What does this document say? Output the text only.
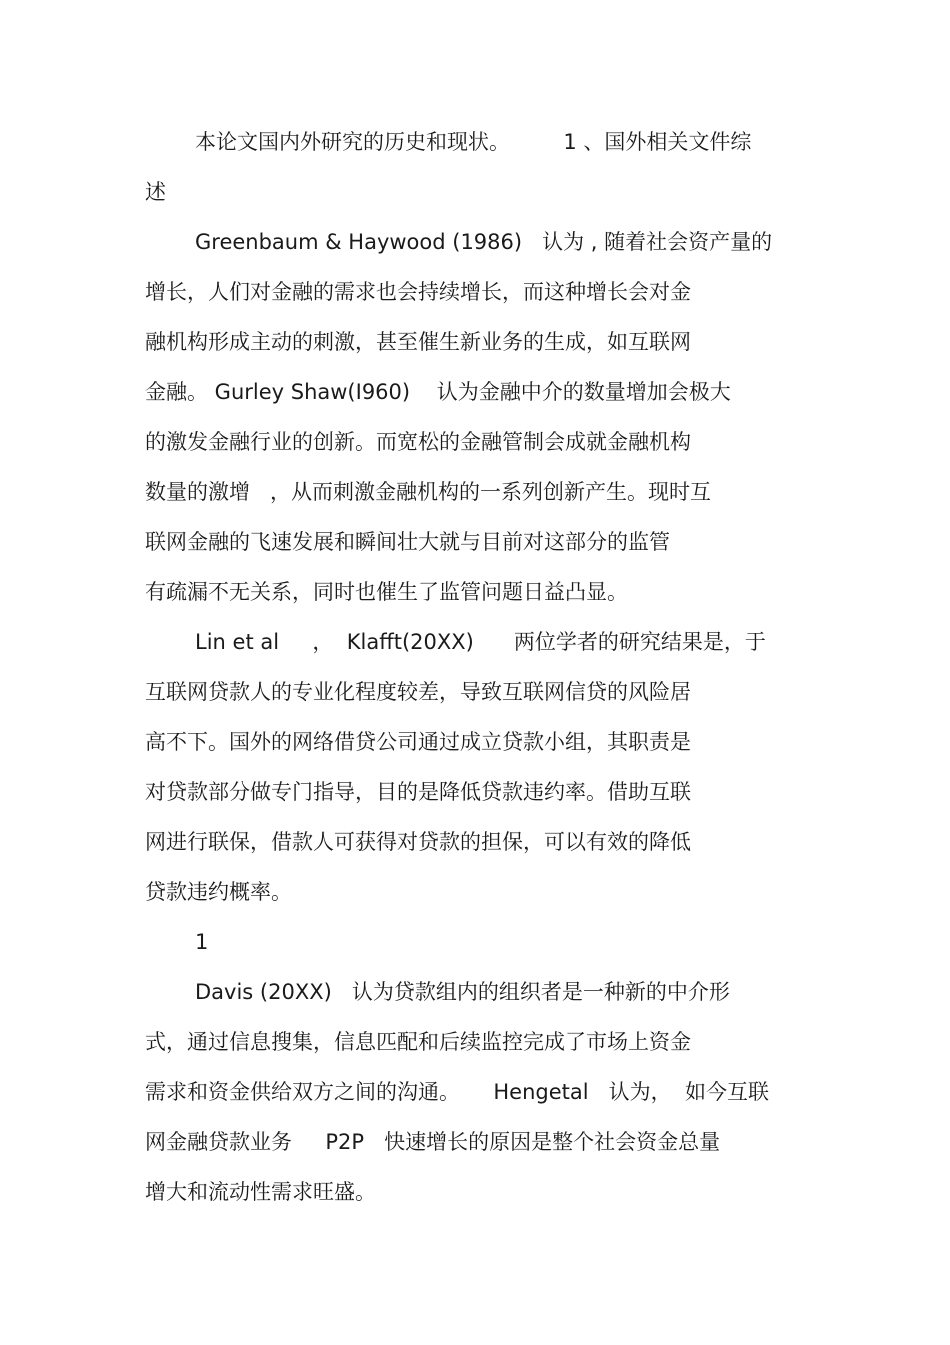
本论文国内外研究的历史和现状。        1 、国外相关文件综

述

Greenbaum & Haywood (1986)   认为 , 随着社会资产量的

增长，人们对金融的需求也会持续增长，而这种增长会对金

融机构形成主动的刺激，甚至催生新业务的生成，如互联网

金融。 Gurley Shaw(I960)    认为金融中介的数量增加会极大

的激发金融行业的创新。而宽松的金融管制会成就金融机构

数量的激增   ，从而刺激金融机构的一系列创新产生。现时互

联网金融的飞速发展和瞬间壮大就与目前对这部分的监管

有疏漏不无关系，同时也催生了监管问题日益凸显。

Lin et al     ，  Klafft(20XX)      两位学者的研究结果是，于

互联网贷款人的专业化程度较差，导致互联网信贷的风险居

高不下。国外的网络借贷公司通过成立贷款小组，其职责是

对贷款部分做专门指导，目的是降低贷款违约率。借助互联

网进行联保，借款人可获得对贷款的担保，可以有效的降低

贷款违约概率。

1

Davis (20XX)   认为贷款组内的组织者是一种新的中介形

式，通过信息搜集，信息匹配和后续监控完成了市场上资金

需求和资金供给双方之间的沟通。     Hengetal   认为，  如今互联

网金融贷款业务     P2P   快速增长的原因是整个社会资金总量

增大和流动性需求旺盛。
